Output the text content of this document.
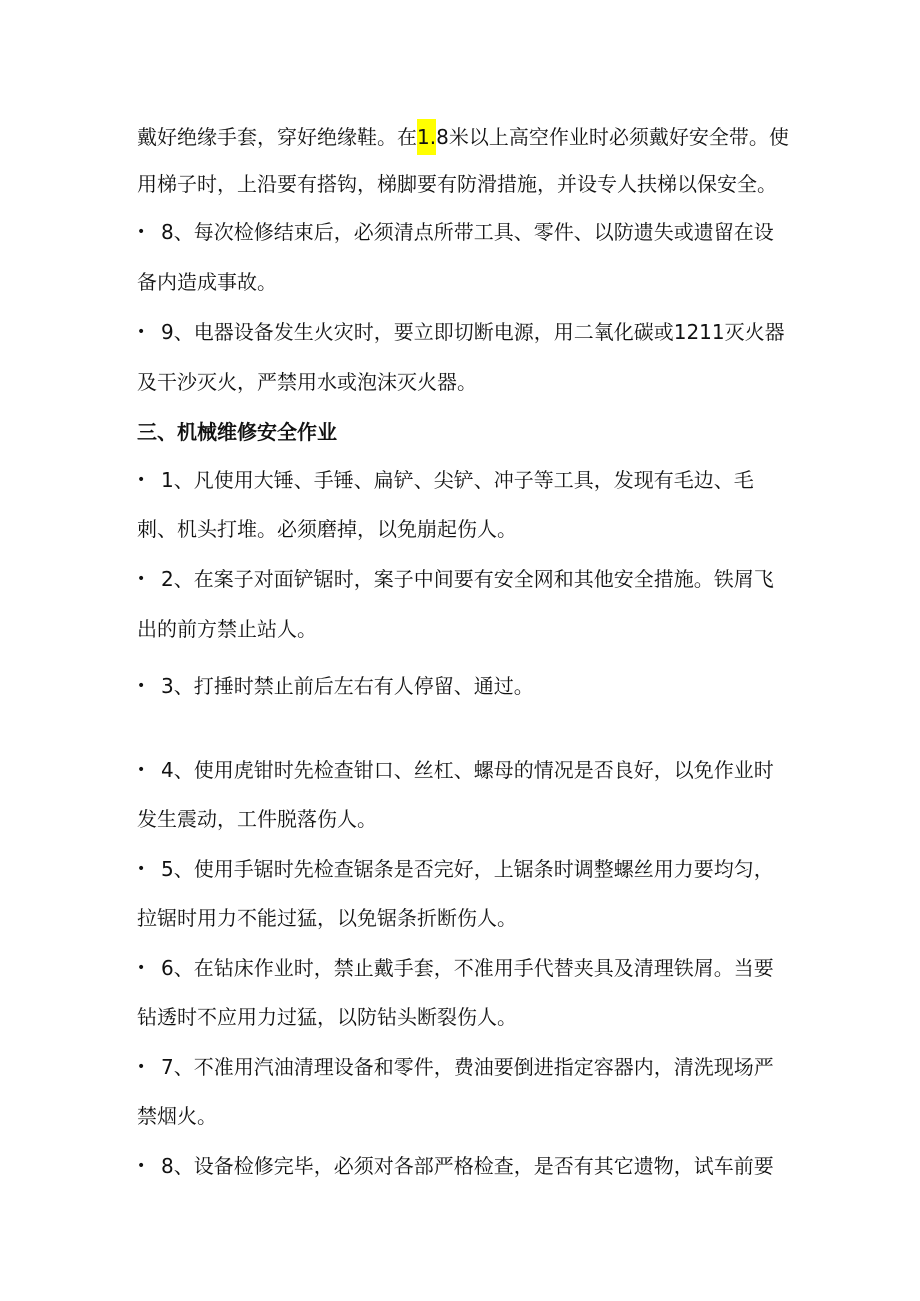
戴好绝缘手套，穿好绝缘鞋。在1.8米以上高空作业时必须戴好安全带。使
用梯子时，上沿要有搭钩，梯脚要有防滑措施，并设专人扶梯以保安全。
• 8、每次检修结束后，必须清点所带工具、零件、以防遗失或遗留在设
备内造成事故。
• 9、电器设备发生火灾时，要立即切断电源，用二氧化碳或1211灭火器
及干沙灭火，严禁用水或泡沫灭火器。
三、机械维修安全作业
• 1、凡使用大锤、手锤、扁铲、尖铲、冲子等工具，发现有毛边、毛
刺、机头打堆。必须磨掉，以免崩起伤人。
• 2、在案子对面铲锯时，案子中间要有安全网和其他安全措施。铁屑飞
出的前方禁止站人。
• 3、打捶时禁止前后左右有人停留、通过。
• 4、使用虎钳时先检查钳口、丝杠、螺母的情况是否良好，以免作业时
发生震动，工件脱落伤人。
• 5、使用手锯时先检查锯条是否完好，上锯条时调整螺丝用力要均匀，
拉锯时用力不能过猛，以免锯条折断伤人。
• 6、在钻床作业时，禁止戴手套，不准用手代替夹具及清理铁屑。当要
钻透时不应用力过猛，以防钻头断裂伤人。
• 7、不准用汽油清理设备和零件，费油要倒进指定容器内，清洗现场严
禁烟火。
• 8、设备检修完毕，必须对各部严格检查，是否有其它遗物，试车前要
